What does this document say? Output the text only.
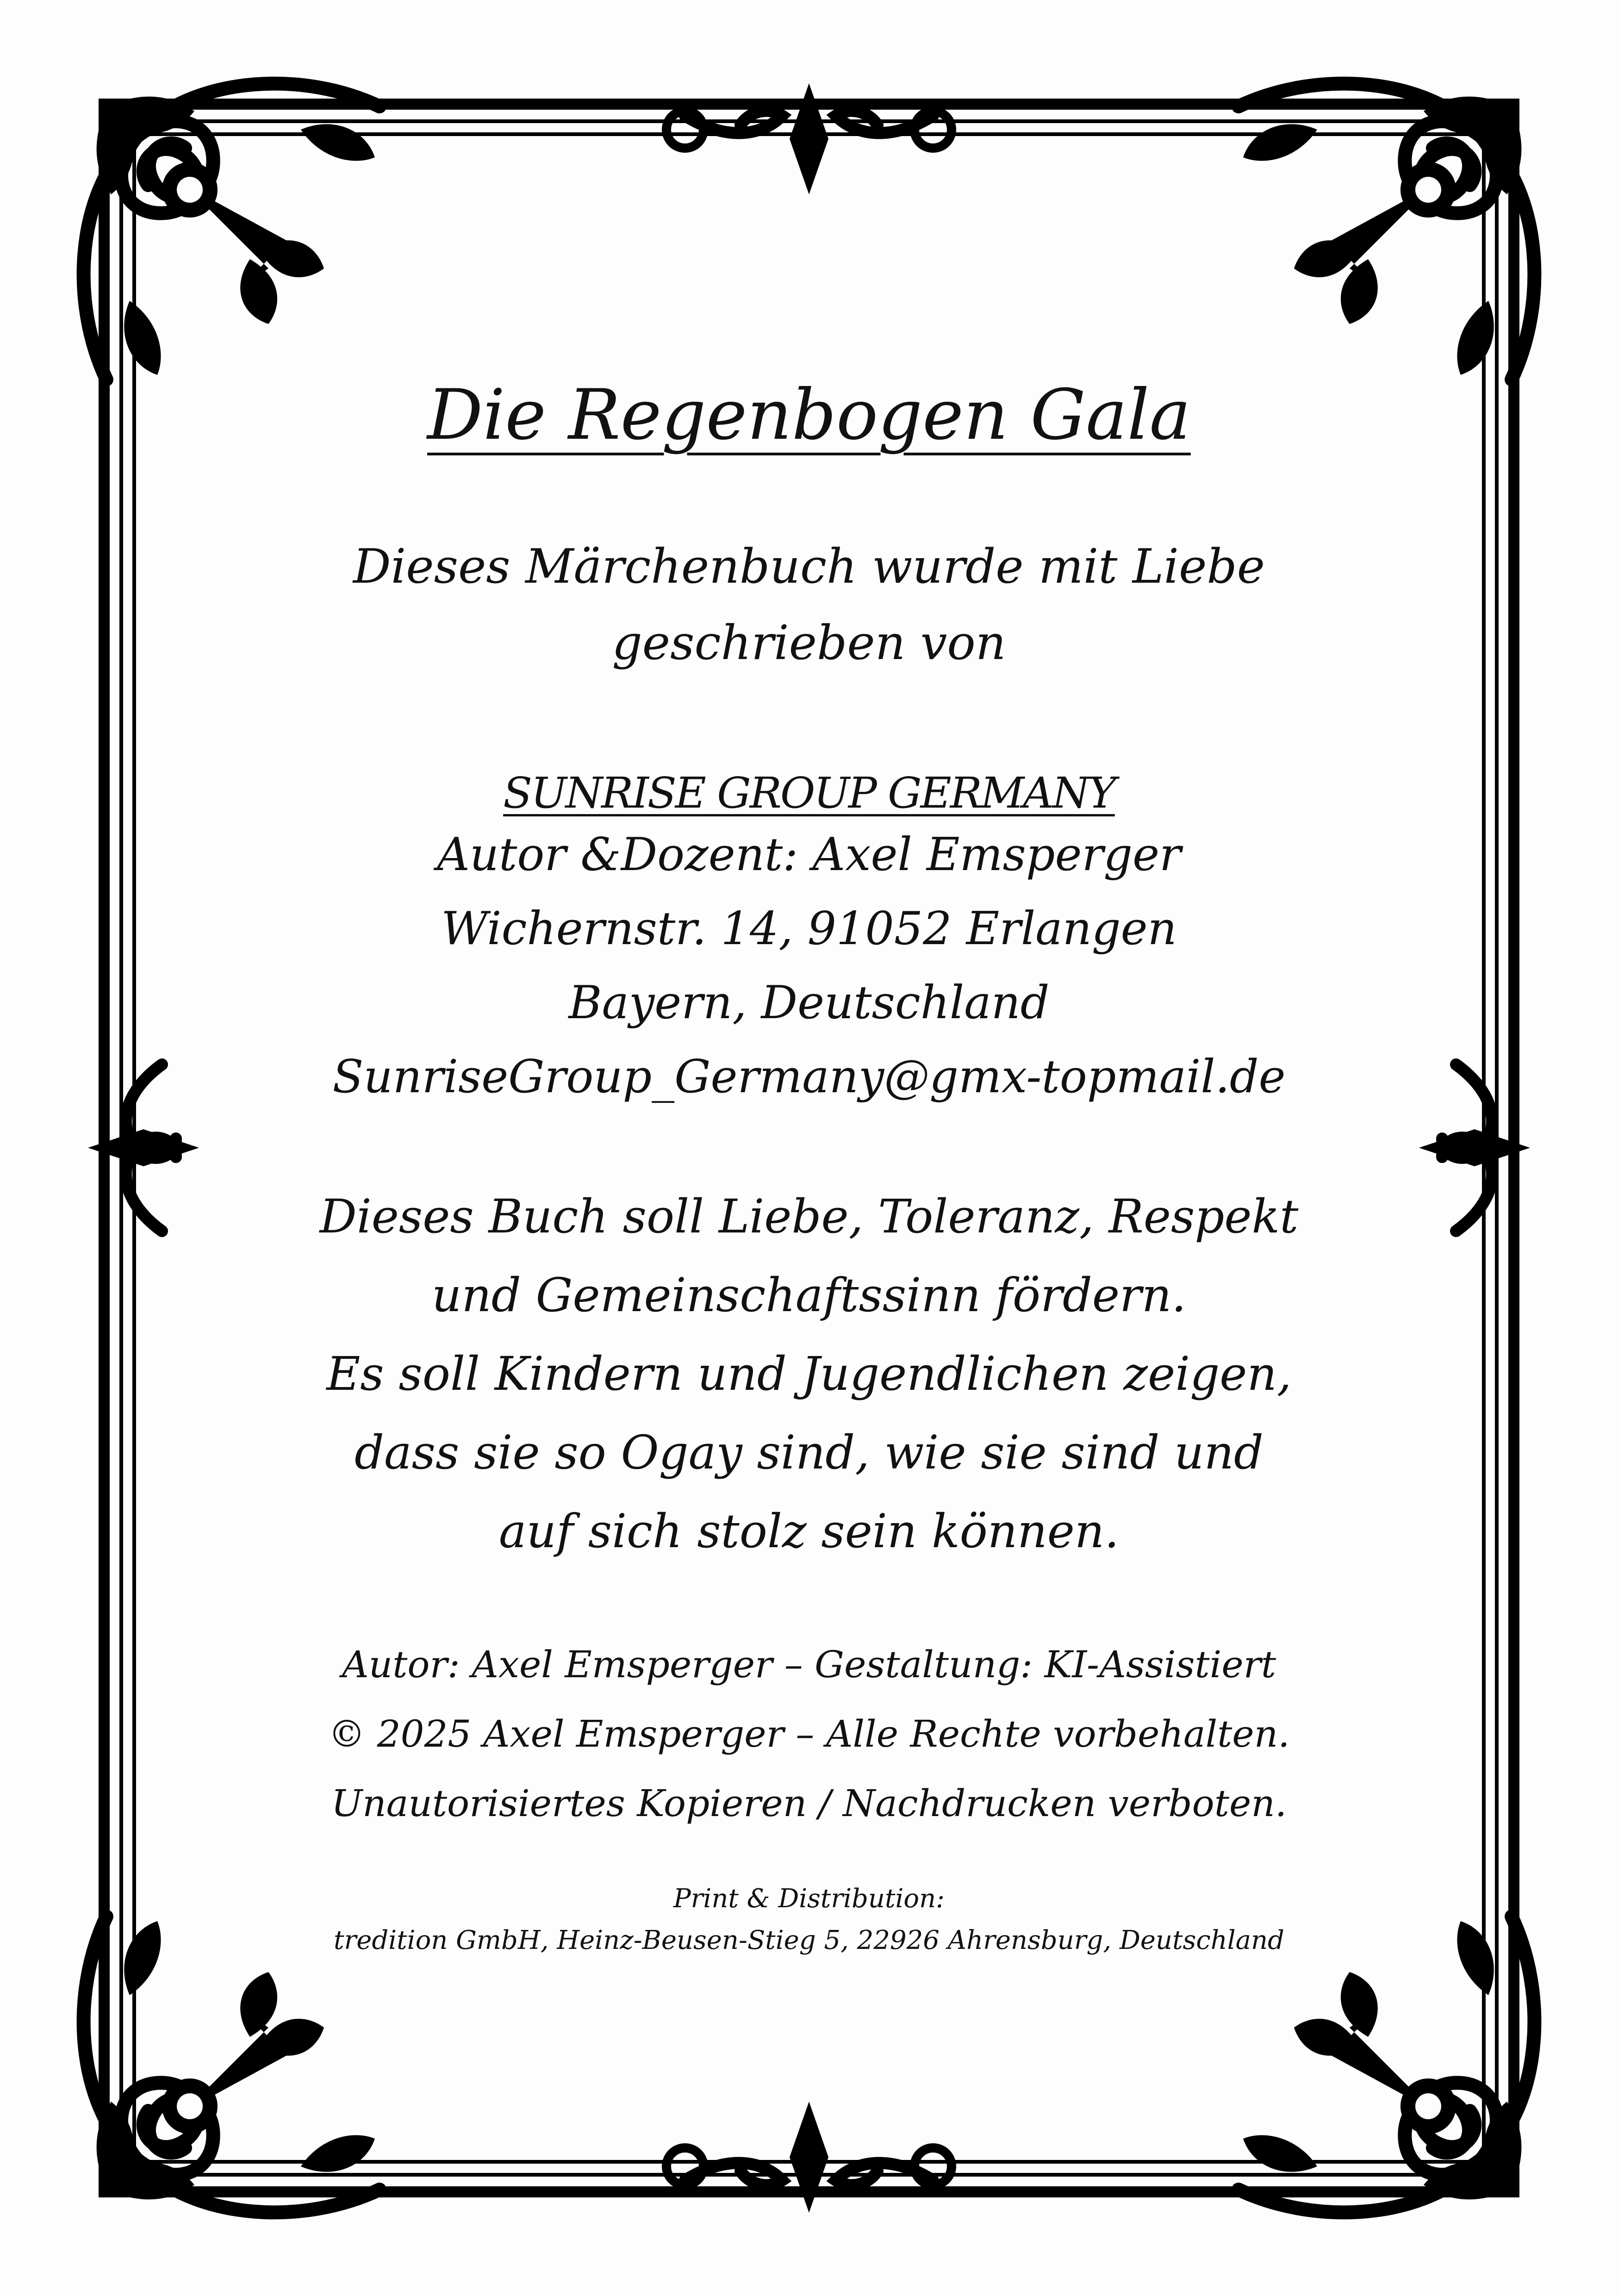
Die Regenbogen Gala
Dieses Märchenbuch wurde mit Liebe
geschrieben von
SUNRISE GROUP GERMANY
Autor &Dozent: Axel Emsperger
Wichernstr. 14, 91052 Erlangen
Bayern, Deutschland
SunriseGroup_Germany@gmx-topmail.de
Dieses Buch soll Liebe, Toleranz, Respekt
und Gemeinschaftssinn fördern.
Es soll Kindern und Jugendlichen zeigen,
dass sie so Ogay sind, wie sie sind und
auf sich stolz sein können.
Autor: Axel Emsperger – Gestaltung: KI-Assistiert
© 2025 Axel Emsperger – Alle Rechte vorbehalten.
Unautorisiertes Kopieren / Nachdrucken verboten.
Print & Distribution:
tredition GmbH, Heinz-Beusen-Stieg 5, 22926 Ahrensburg, Deutschland
